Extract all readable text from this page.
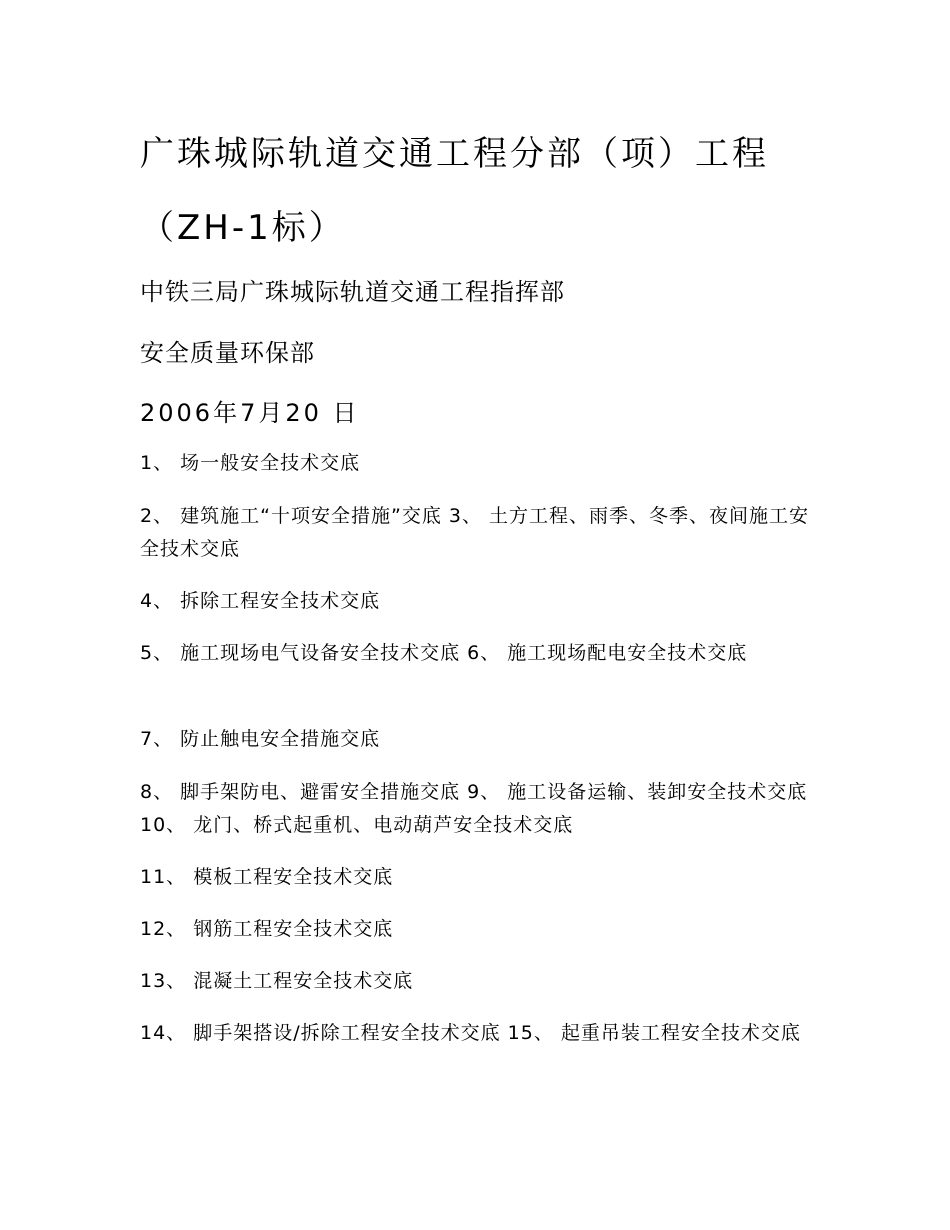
广珠城际轨道交通工程分部（项）工程
（ZH-1标）
中铁三局广珠城际轨道交通工程指挥部
安全质量环保部
2006年7月20 日
1、 场一般安全技术交底
2、 建筑施工“十项安全措施”交底 3、 土方工程、雨季、冬季、夜间施工安全技术交底
4、 拆除工程安全技术交底
5、 施工现场电气设备安全技术交底 6、 施工现场配电安全技术交底
7、 防止触电安全措施交底
8、 脚手架防电、避雷安全措施交底 9、 施工设备运输、装卸安全技术交底 10、 龙门、桥式起重机、电动葫芦安全技术交底
11、 模板工程安全技术交底
12、 钢筋工程安全技术交底
13、 混凝土工程安全技术交底
14、 脚手架搭设/拆除工程安全技术交底 15、 起重吊装工程安全技术交底
